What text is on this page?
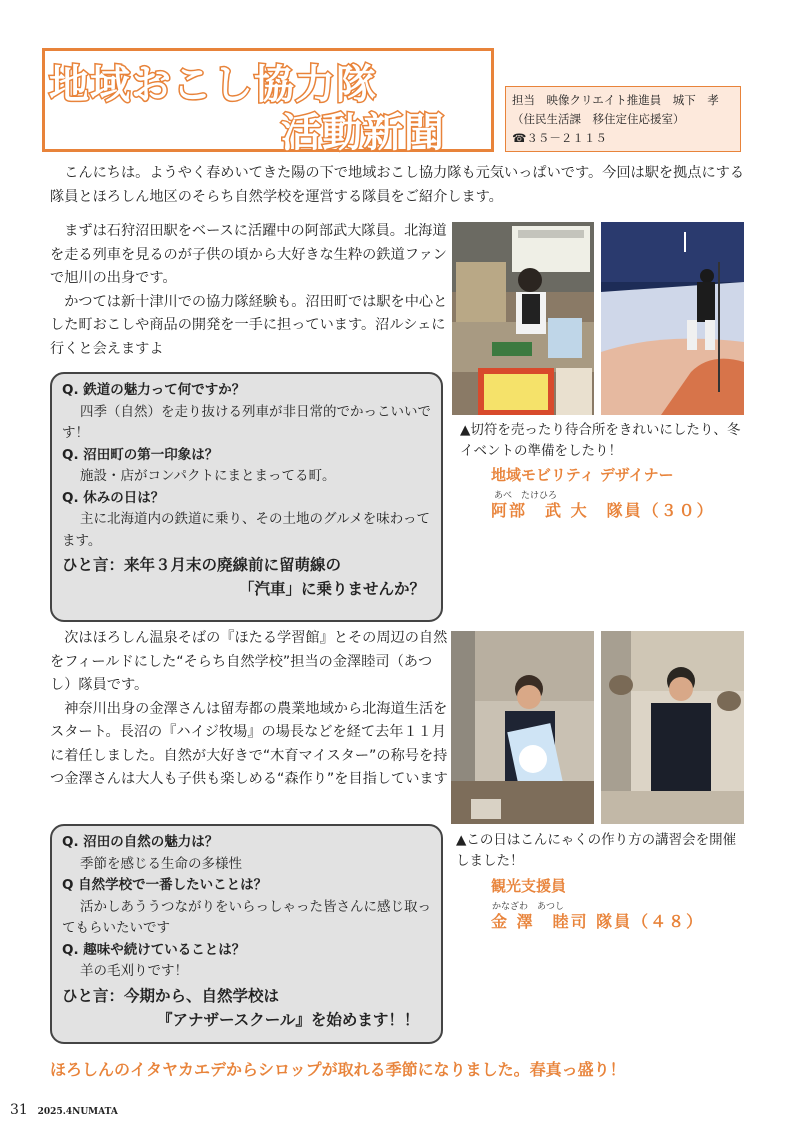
地域おこし協力隊
活動新聞
担当　映像クリエイト推進員　城下　孝
（住民生活課　移住定住応援室）
☎３５－２１１５

こんにちは。ようやく春めいてきた陽の下で地域おこし協力隊も元気いっぱいです。今回は駅を拠点にする隊員とほろしん地区のそらち自然学校を運営する隊員をご紹介します。

まずは石狩沼田駅をベースに活躍中の阿部武大隊員。北海道を走る列車を見るのが子供の頃から大好きな生粋の鉄道ファンで旭川の出身です。

かつては新十津川での協力隊経験も。沼田町では駅を中心とした町おこしや商品の開発を一手に担っています。沼ルシェに行くと会えますよ

▲切符を売ったり待合所をきれいにしたり、冬イベントの準備をしたり！
地域モビリティ デザイナー
あべ　たけひろ
阿部　武 大　隊員（３０）
Q. 鉄道の魅力って何ですか？
四季（自然）を走り抜ける列車が非日常的でかっこいいです！
Q. 沼田町の第一印象は？
施設・店がコンパクトにまとまってる町。
Q. 休みの日は？
主に北海道内の鉄道に乗り、その土地のグルメを味わってます。
ひと言：来年３月末の廃線前に留萌線の
「汽車」に乗りませんか？

次はほろしん温泉そばの『ほたる学習館』とその周辺の自然をフィールドにした“そらち自然学校”担当の金澤睦司（あつし）隊員です。

神奈川出身の金澤さんは留寿都の農業地域から北海道生活をスタート。長沼の『ハイジ牧場』の場長などを経て去年１１月に着任しました。自然が大好きで“木育マイスター”の称号を持つ金澤さんは大人も子供も楽しめる“森作り”を目指しています

▲この日はこんにゃくの作り方の講習会を開催しました！
観光支援員
かなざわ　あつし
金 澤　睦司 隊員（４８）
Q. 沼田の自然の魅力は？
季節を感じる生命の多様性
Q 自然学校で一番したいことは？
活かしあううつながりをいらっしゃった皆さんに感じ取ってもらいたいです
Q. 趣味や続けていることは？
羊の毛刈りです！
ひと言：今期から、自然学校は
『アナザースクール』を始めます！！
ほろしんのイタヤカエデからシロップが取れる季節になりました。春真っ盛り！
31 2025.4NUMATA
